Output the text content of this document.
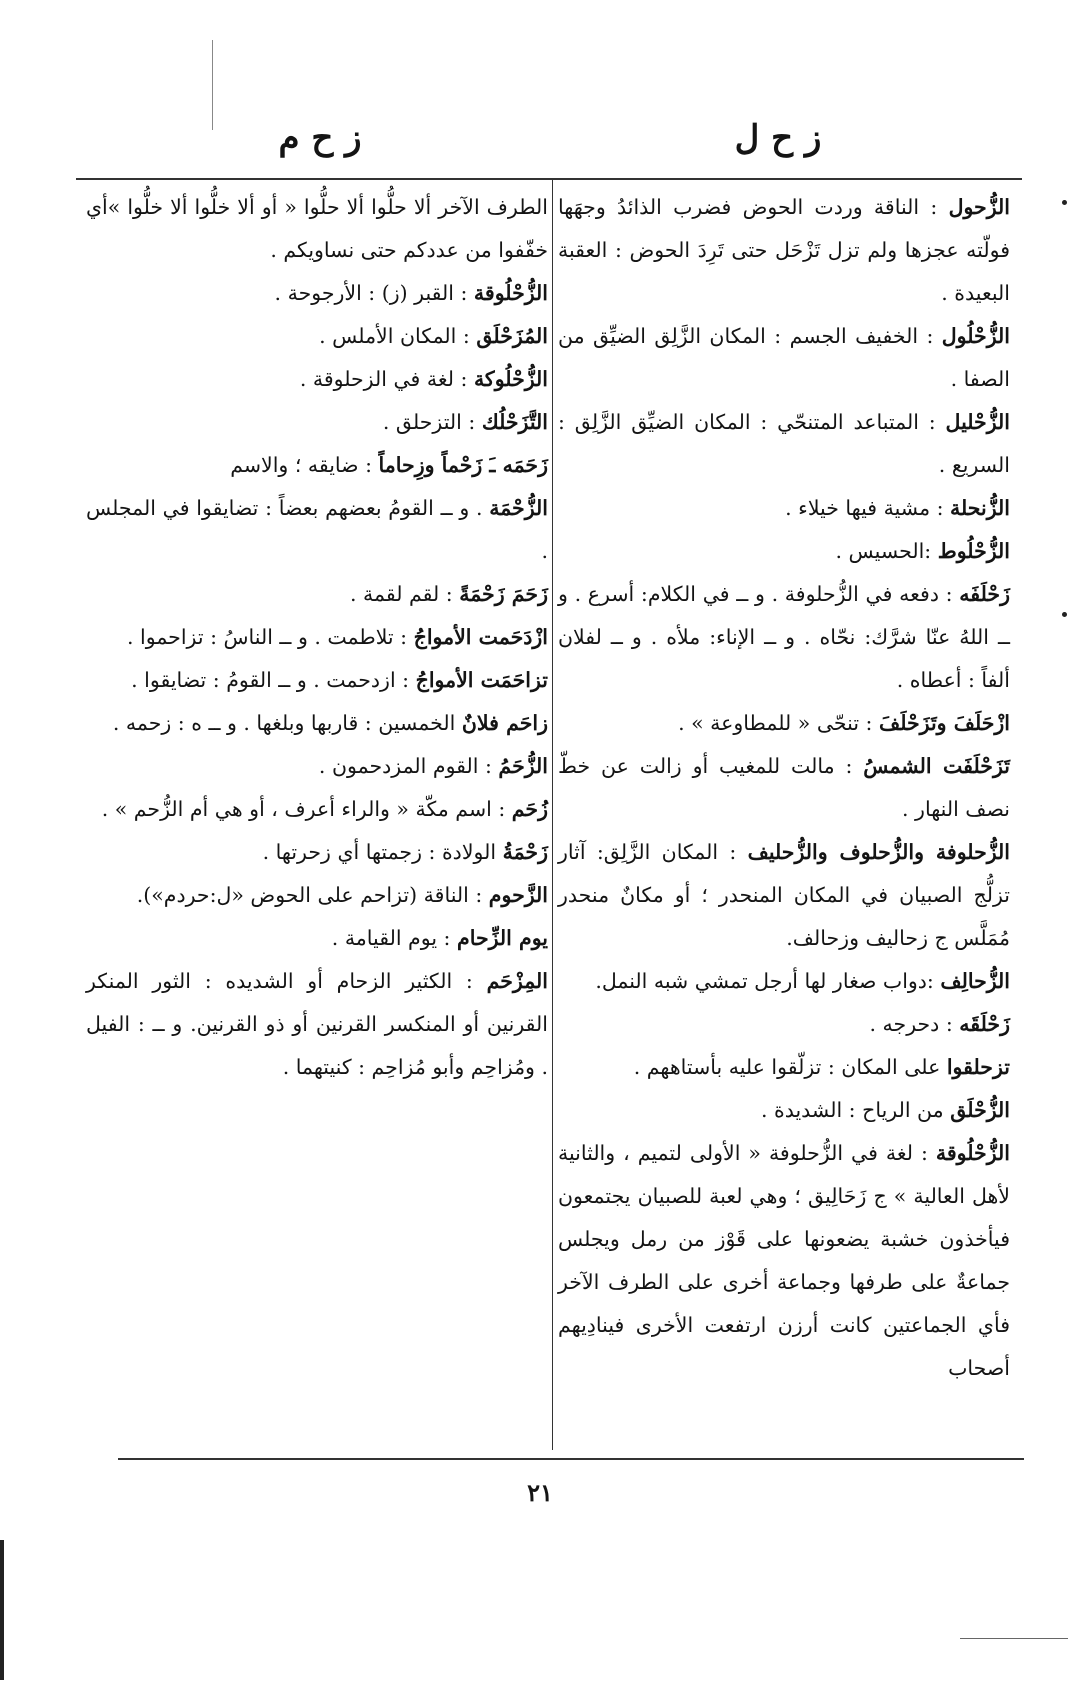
ز ح ل
ز ح م

الزُّحول : الناقة وردت الحوض فضرب الذائدُ وجهَها فولّته عجزها ولم تزل تَزْحَل حتى تَرِدَ الحوض : العقبة البعيدة .

الزُّحْلُول : الخفيف الجسم : المكان الزَّلِق الضيِّق من الصفا .

الزُّحْليل : المتباعد المتنحّي : المكان الضيِّق الزَّلِق : السريع .

الزُّنحلة : مشية فيها خيلاء .

الزُّحْلُوط :الحسيس .

زَحْلَفَه : دفعه في الزُّحلوفة . و ــ في الكلام: أسرع . و ــ اللهُ عنّا شرَّك: نحّاه . و ــ الإناء: ملأه . و ــ لفلان ألفاً : أعطاه .

ازْحَلَفَ وتَزَحْلَفَ : تنحّى « للمطاوعة » .

تَزَحْلَفَت الشمسُ : مالت للمغيب أو زالت عن خطّ نصف النهار .

الزُّحلوفة والزُّحلوف والزُّحليف : المكان الزَّلِق: آثار تزلُّج الصبيان في المكان المنحدر ؛ أو مكانٌ منحدر مُمَلَّس ج زحاليف وزحالف.

الزُّحالِف :دواب صغار لها أرجل تمشي شبه النمل.

زَحْلَقَه : دحرجه .

تزحلقوا على المكان : تزلّقوا عليه بأستاههم .

الزُّحْلَق من الرياح : الشديدة .

الزُّحْلُوقة : لغة في الزُّحلوفة « الأولى لتميم ، والثانية لأهل العالية » ج زَحَالِيق ؛ وهي لعبة للصبيان يجتمعون فيأخذون خشبة يضعونها على قَوْز من رمل ويجلس جماعةٌ على طرفها وجماعة أخرى على الطرف الآخر فأي الجماعتين كانت أرزن ارتفعت الأخرى فينادِيهم أصحاب

الطرف الآخر ألا حلُّوا ألا حلُّوا « أو ألا خلُّوا ألا خلُّوا »أي خفّفوا من عددكم حتى نساويكم .

الزُّحْلُوقة : القبر (ز) : الأرجوحة .

المُزَحْلَق : المكان الأملس .

الزُّحْلُوكة : لغة في الزحلوقة .

التَّزَحْلُك : التزحلق .

زَحَمَه ـَ زَحْماً وزِحاماً : ضايقه ؛ والاسم

الزُّحْمَة . و ــ القومُ بعضهم بعضاً : تضايقوا في المجلس .

زَحَمَ زَحْمَةً : لقم لقمة .

ازْدَحَمت الأمواجُ : تلاطمت . و ــ الناسُ : تزاحموا .

تزاحَمَت الأمواجُ : ازدحمت . و ــ القومُ : تضايقوا .

زاحَم فلانٌ الخمسين : قاربها وبلغها . و ــ ه : زحمه .

الزُّحَمُ : القوم المزدحمون .

زُحَم : اسم مكّة « والراء أعرف ، أو هي أم الزُّحم » .

زَحْمَةُ الولادة : زجمتها أي زحرتها .

الزَّحوم : الناقة (تزاحم على الحوض «ل:حردم»).

يوم الزِّحام : يوم القيامة .

المِزْحَم : الكثير الزحام أو الشديده : الثور المنكر القرنين أو المنكسر القرنين أو ذو القرنين. و ــ : الفيل . ومُزاحِم وأبو مُزاحِم : كنيتهما .

٢١
